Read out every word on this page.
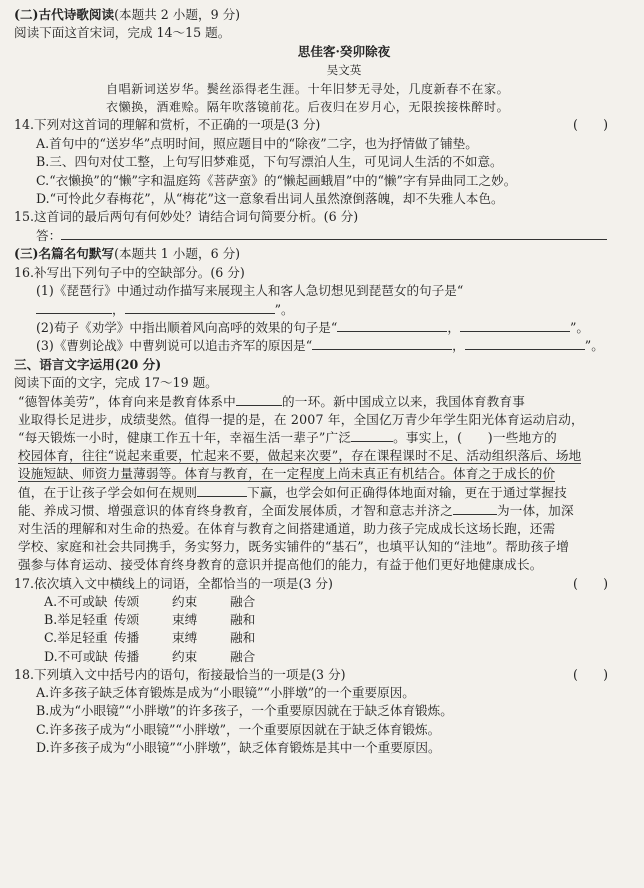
(二)古代诗歌阅读(本题共 2 小题，9 分)
阅读下面这首宋词，完成 14～15 题。
思佳客·癸卯除夜
吴文英
自唱新词送岁华。鬓丝添得老生涯。十年旧梦无寻处，几度新春不在家。
衣懒换，酒难赊。隔年吹落镜前花。后夜归在岁月心，无限挨接株醉时。
14.下列对这首词的理解和赏析，不正确的一项是(3 分)	(　　)
A.首句中的“送岁华”点明时间，照应题目中的“除夜”二字，也为抒情做了铺垫。
B.三、四句对仗工整，上句写旧梦难觅，下句写漂泊人生，可见词人生活的不如意。
C.“衣懒换”的“懒”字和温庭筠《菩萨蛮》的“懒起画蛾眉”中的“懒”字有异曲同工之妙。
D.“可怜此夕春梅花”，从“梅花”这一意象看出词人虽然潦倒落魄，却不失雅人本色。
15.这首词的最后两句有何妙处？请结合词句简要分析。(6 分)
答：
(三)名篇名句默写(本题共 1 小题，6 分)
16.补写出下列句子中的空缺部分。(6 分)
(1)《琵琶行》中通过动作描写来展现主人和客人急切想见到琵琶女的句子是“
，	”。
(2)荀子《劝学》中指出顺着风向高呼的效果的句子是“	，	”。
(3)《曹刿论战》中曹刿说可以追击齐军的原因是“	，	”。
三、语言文字运用(20 分)
阅读下面的文字，完成 17～19 题。
“德智体美劳”，体育向来是教育体系中	的一环。新中国成立以来，我国体育教育事
业取得长足进步，成绩斐然。值得一提的是，在 2007 年，全国亿万青少年学生阳光体育运动启动，
“每天锻炼一小时，健康工作五十年，幸福生活一辈子”广泛	。事实上，(　　)一些地方的
校园体育，往往“说起来重要，忙起来不要，做起来次要”，存在课程课时不足、活动组织落后、场地
设施短缺、师资力量薄弱等。体育与教育，在一定程度上尚未真正有机结合。体育之于成长的价
值，在于让孩子学会如何在规则	下赢，也学会如何正确得体地面对输，更在于通过掌握技
能、养成习惯、增强意识的体育终身教育，全面发展体质，才智和意志并济之	为一体，加深
对生活的理解和对生命的热爱。在体育与教育之间搭建通道，助力孩子完成成长这场长跑，还需
学校、家庭和社会共同携手，务实努力，既务实铺件的“基石”，也填平认知的“洼地”。帮助孩子增
强参与体育运动、接受体育终身教育的意识并提高他们的能力，有益于他们更好地健康成长。
17.依次填入文中横线上的词语，全都恰当的一项是(3 分)	(　　)
A.不可或缺 传颂	约束	融合
B.举足轻重 传颂	束缚	融和
C.举足轻重 传播	束缚	融和
D.不可或缺 传播	约束	融合
18.下列填入文中括号内的语句，衔接最恰当的一项是(3 分)	(　　)
A.许多孩子缺乏体育锻炼是成为“小眼镜”“小胖墩”的一个重要原因。
B.成为“小眼镜”“小胖墩”的许多孩子，一个重要原因就在于缺乏体育锻炼。
C.许多孩子成为“小眼镜”“小胖墩”，一个重要原因就在于缺乏体育锻炼。
D.许多孩子成为“小眼镜”“小胖墩”，缺乏体育锻炼是其中一个重要原因。
